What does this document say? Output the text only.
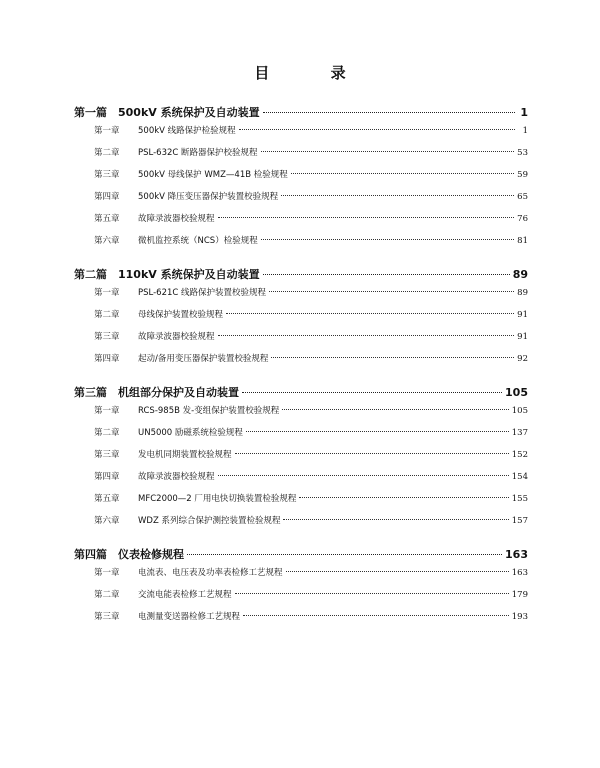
目 录
第一篇	500kV 系统保护及自动装置	1
第一章	500kV 线路保护检验规程	1
第二章	PSL-632C 断路器保护校验规程	53
第三章	500kV 母线保护 WMZ—41B 检验规程	59
第四章	500kV 降压变压器保护装置校验规程	65
第五章	故障录波器校验规程	76
第六章	微机监控系统（NCS）检验规程	81
第二篇	110kV 系统保护及自动装置	89
第一章	PSL-621C 线路保护装置校验规程	89
第二章	母线保护装置校验规程	91
第三章	故障录波器校验规程	91
第四章	起动/备用变压器保护装置校验规程	92
第三篇	机组部分保护及自动装置	105
第一章	RCS-985B 发-变组保护装置校验规程	105
第二章	UN5000 励磁系统检验规程	137
第三章	发电机同期装置校验规程	152
第四章	故障录波器校验规程	154
第五章	MFC2000—2 厂用电快切换装置检验规程	155
第六章	WDZ 系列综合保护测控装置检验规程	157
第四篇	仪表检修规程	163
第一章	电流表、电压表及功率表检修工艺规程	163
第二章	交流电能表检修工艺规程	179
第三章	电测量变送器检修工艺规程	193
